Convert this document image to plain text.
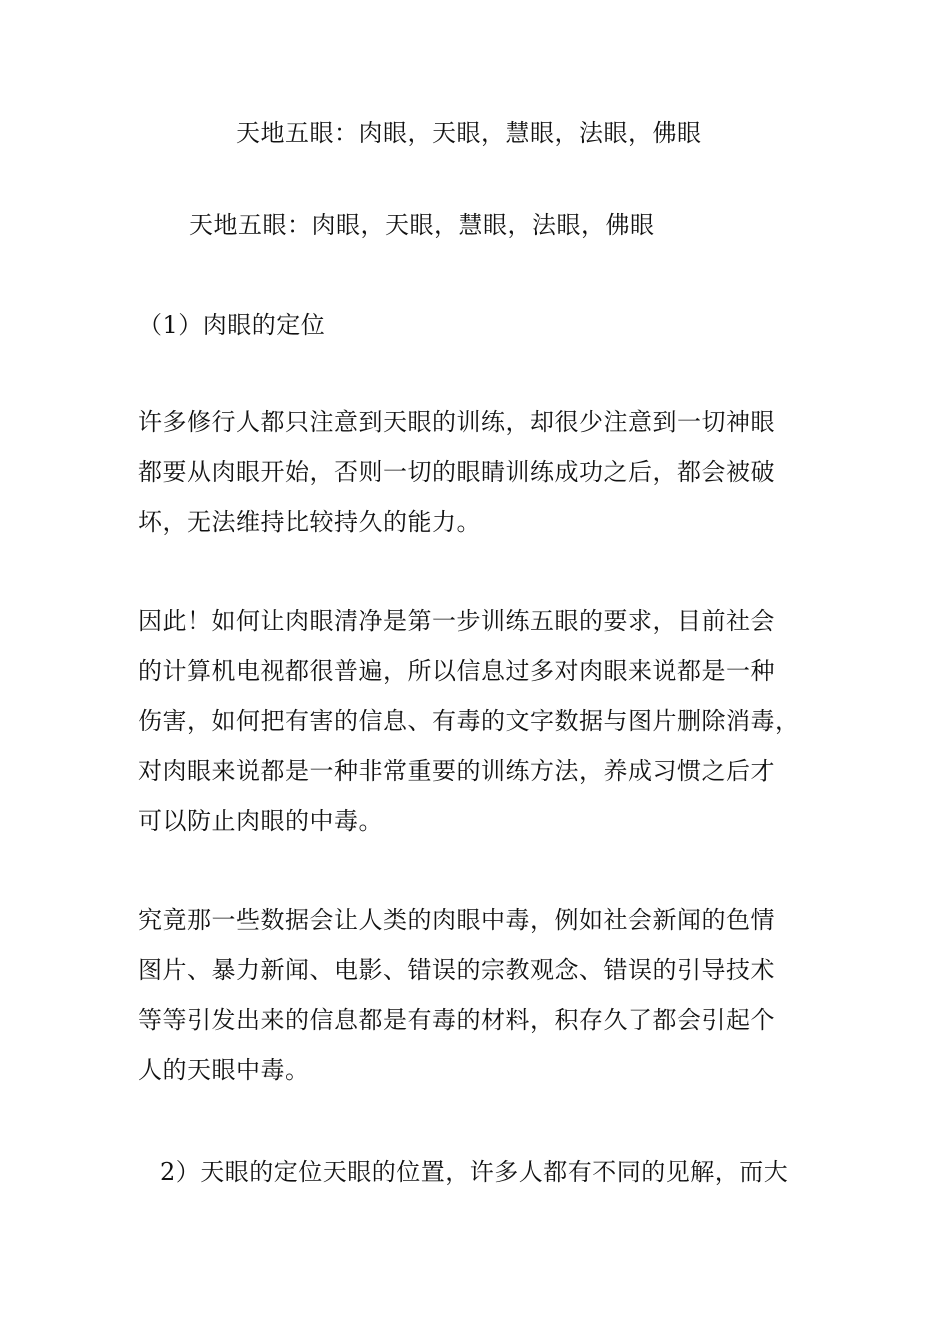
天地五眼：肉眼，天眼，慧眼，法眼，佛眼
天地五眼：肉眼，天眼，慧眼，法眼，佛眼
（1）肉眼的定位
许多修行人都只注意到天眼的训练，却很少注意到一切神眼
都要从肉眼开始，否则一切的眼睛训练成功之后，都会被破
坏，无法维持比较持久的能力。
因此！如何让肉眼清净是第一步训练五眼的要求，目前社会
的计算机电视都很普遍，所以信息过多对肉眼来说都是一种
伤害，如何把有害的信息、有毒的文字数据与图片删除消毒，
对肉眼来说都是一种非常重要的训练方法，养成习惯之后才
可以防止肉眼的中毒。
究竟那一些数据会让人类的肉眼中毒，例如社会新闻的色情
图片、暴力新闻、电影、错误的宗教观念、错误的引导技术
等等引发出来的信息都是有毒的材料，积存久了都会引起个
人的天眼中毒。
2）天眼的定位天眼的位置，许多人都有不同的见解，而大
